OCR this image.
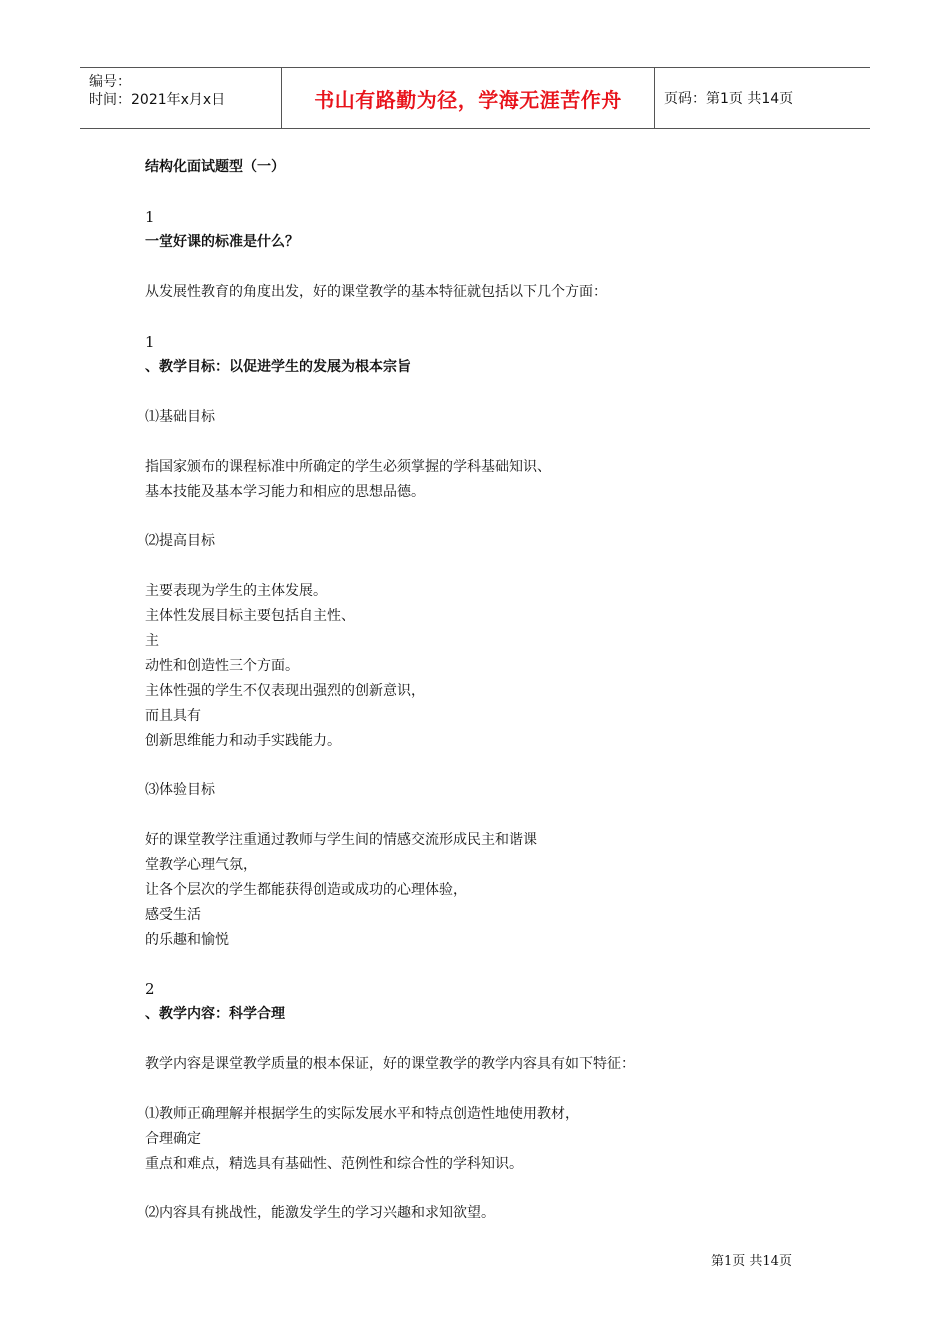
编号：
时间：2021年x月x日	书山有路勤为径，学海无涯苦作舟	页码：第1页 共14页
结构化面试题型（一）
1
一堂好课的标准是什么？
从发展性教育的角度出发，好的课堂教学的基本特征就包括以下几个方面：
1
、教学目标：以促进学生的发展为根本宗旨
⑴基础目标
指国家颁布的课程标准中所确定的学生必须掌握的学科基础知识、
基本技能及基本学习能力和相应的思想品德。
⑵提高目标
主要表现为学生的主体发展。
主体性发展目标主要包括自主性、
主
动性和创造性三个方面。
主体性强的学生不仅表现出强烈的创新意识，
而且具有
创新思维能力和动手实践能力。
⑶体验目标
好的课堂教学注重通过教师与学生间的情感交流形成民主和谐课
堂教学心理气氛，
让各个层次的学生都能获得创造或成功的心理体验，
感受生活
的乐趣和愉悦
2
、教学内容：科学合理
教学内容是课堂教学质量的根本保证，好的课堂教学的教学内容具有如下特征：
⑴教师正确理解并根据学生的实际发展水平和特点创造性地使用教材，
合理确定
重点和难点，精选具有基础性、范例性和综合性的学科知识。
⑵内容具有挑战性，能激发学生的学习兴趣和求知欲望。
第1页 共14页
